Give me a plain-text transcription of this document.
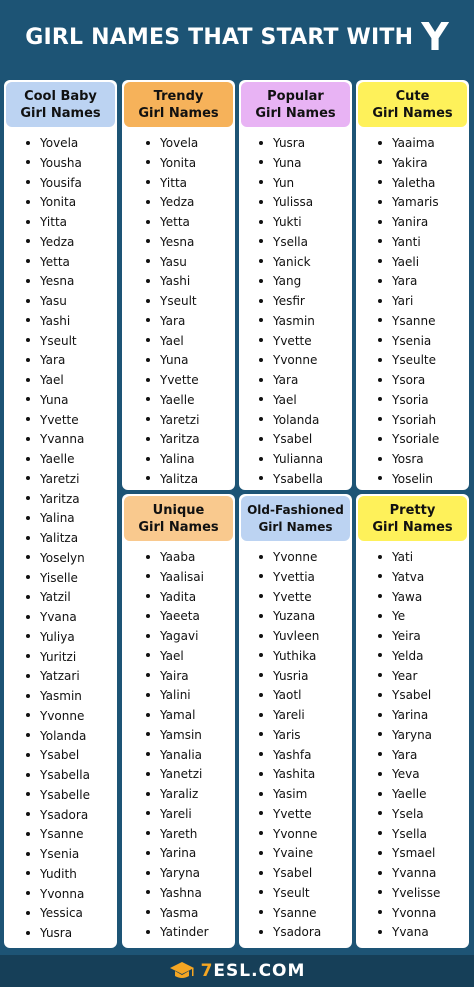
GIRL NAMES THAT START WITH Y
Cool Baby
Girl Names
Yovela
Yousha
Yousifa
Yonita
Yitta
Yedza
Yetta
Yesna
Yasu
Yashi
Yseult
Yara
Yael
Yuna
Yvette
Yvanna
Yaelle
Yaretzi
Yaritza
Yalina
Yalitza
Yoselyn
Yiselle
Yatzil
Yvana
Yuliya
Yuritzi
Yatzari
Yasmin
Yvonne
Yolanda
Ysabel
Ysabella
Ysabelle
Ysadora
Ysanne
Ysenia
Yudith
Yvonna
Yessica
Yusra
Trendy
Girl Names
Yovela
Yonita
Yitta
Yedza
Yetta
Yesna
Yasu
Yashi
Yseult
Yara
Yael
Yuna
Yvette
Yaelle
Yaretzi
Yaritza
Yalina
Yalitza
Popular
Girl Names
Yusra
Yuna
Yun
Yulissa
Yukti
Ysella
Yanick
Yang
Yesfir
Yasmin
Yvette
Yvonne
Yara
Yael
Yolanda
Ysabel
Yulianna
Ysabella
Cute
Girl Names
Yaaima
Yakira
Yaletha
Yamaris
Yanira
Yanti
Yaeli
Yara
Yari
Ysanne
Ysenia
Yseulte
Ysora
Ysoria
Ysoriah
Ysoriale
Yosra
Yoselin
Unique
Girl Names
Yaaba
Yaalisai
Yadita
Yaeeta
Yagavi
Yael
Yaira
Yalini
Yamal
Yamsin
Yanalia
Yanetzi
Yaraliz
Yareli
Yareth
Yarina
Yaryna
Yashna
Yasma
Yatinder
Old-Fashioned
Girl Names
Yvonne
Yvettia
Yvette
Yuzana
Yuvleen
Yuthika
Yusria
Yaotl
Yareli
Yaris
Yashfa
Yashita
Yasim
Yvette
Yvonne
Yvaine
Ysabel
Yseult
Ysanne
Ysadora
Pretty
Girl Names
Yati
Yatva
Yawa
Ye
Yeira
Yelda
Year
Ysabel
Yarina
Yaryna
Yara
Yeva
Yaelle
Ysela
Ysella
Ysmael
Yvanna
Yvelisse
Yvonna
Yvana
7ESL.COM
